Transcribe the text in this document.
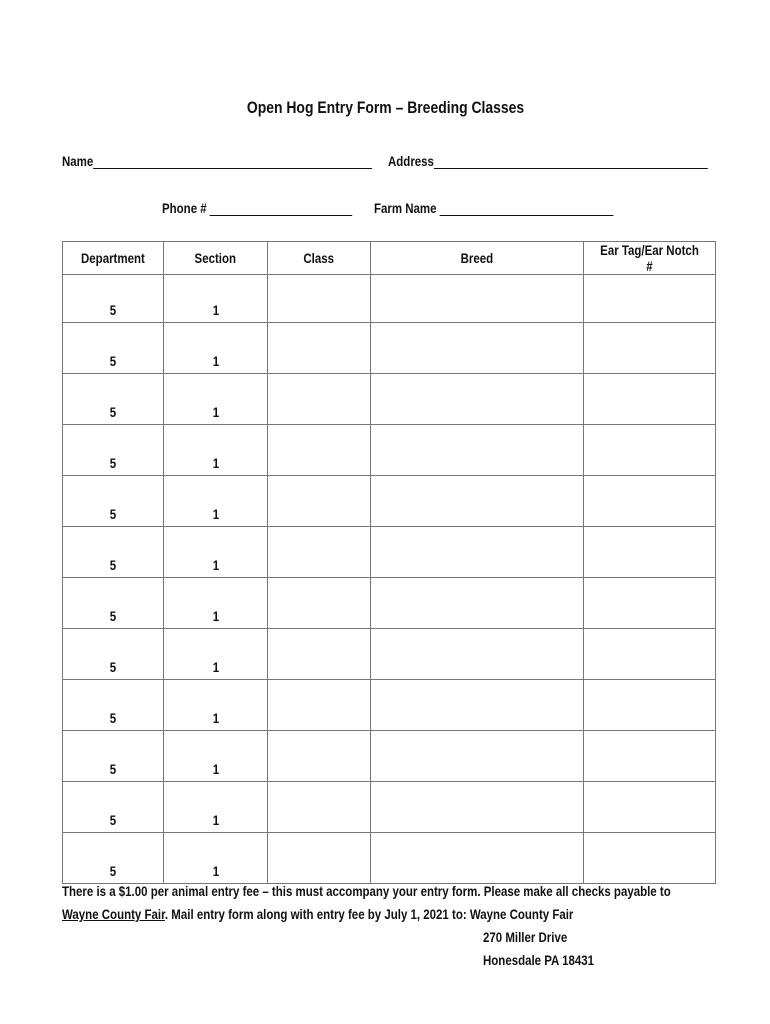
Open Hog Entry Form – Breeding Classes
Name	Address
Phone #	Farm Name
Department	Section	Class	Breed	Ear Tag/Ear Notch #
5	1			
5	1			
5	1			
5	1			
5	1			
5	1			
5	1			
5	1			
5	1			
5	1			
5	1			
5	1			
There is a $1.00 per animal entry fee – this must accompany your entry form. Please make all checks payable to
Wayne County Fair. Mail entry form along with entry fee by July 1, 2021 to: Wayne County Fair
270 Miller Drive
Honesdale PA 18431
